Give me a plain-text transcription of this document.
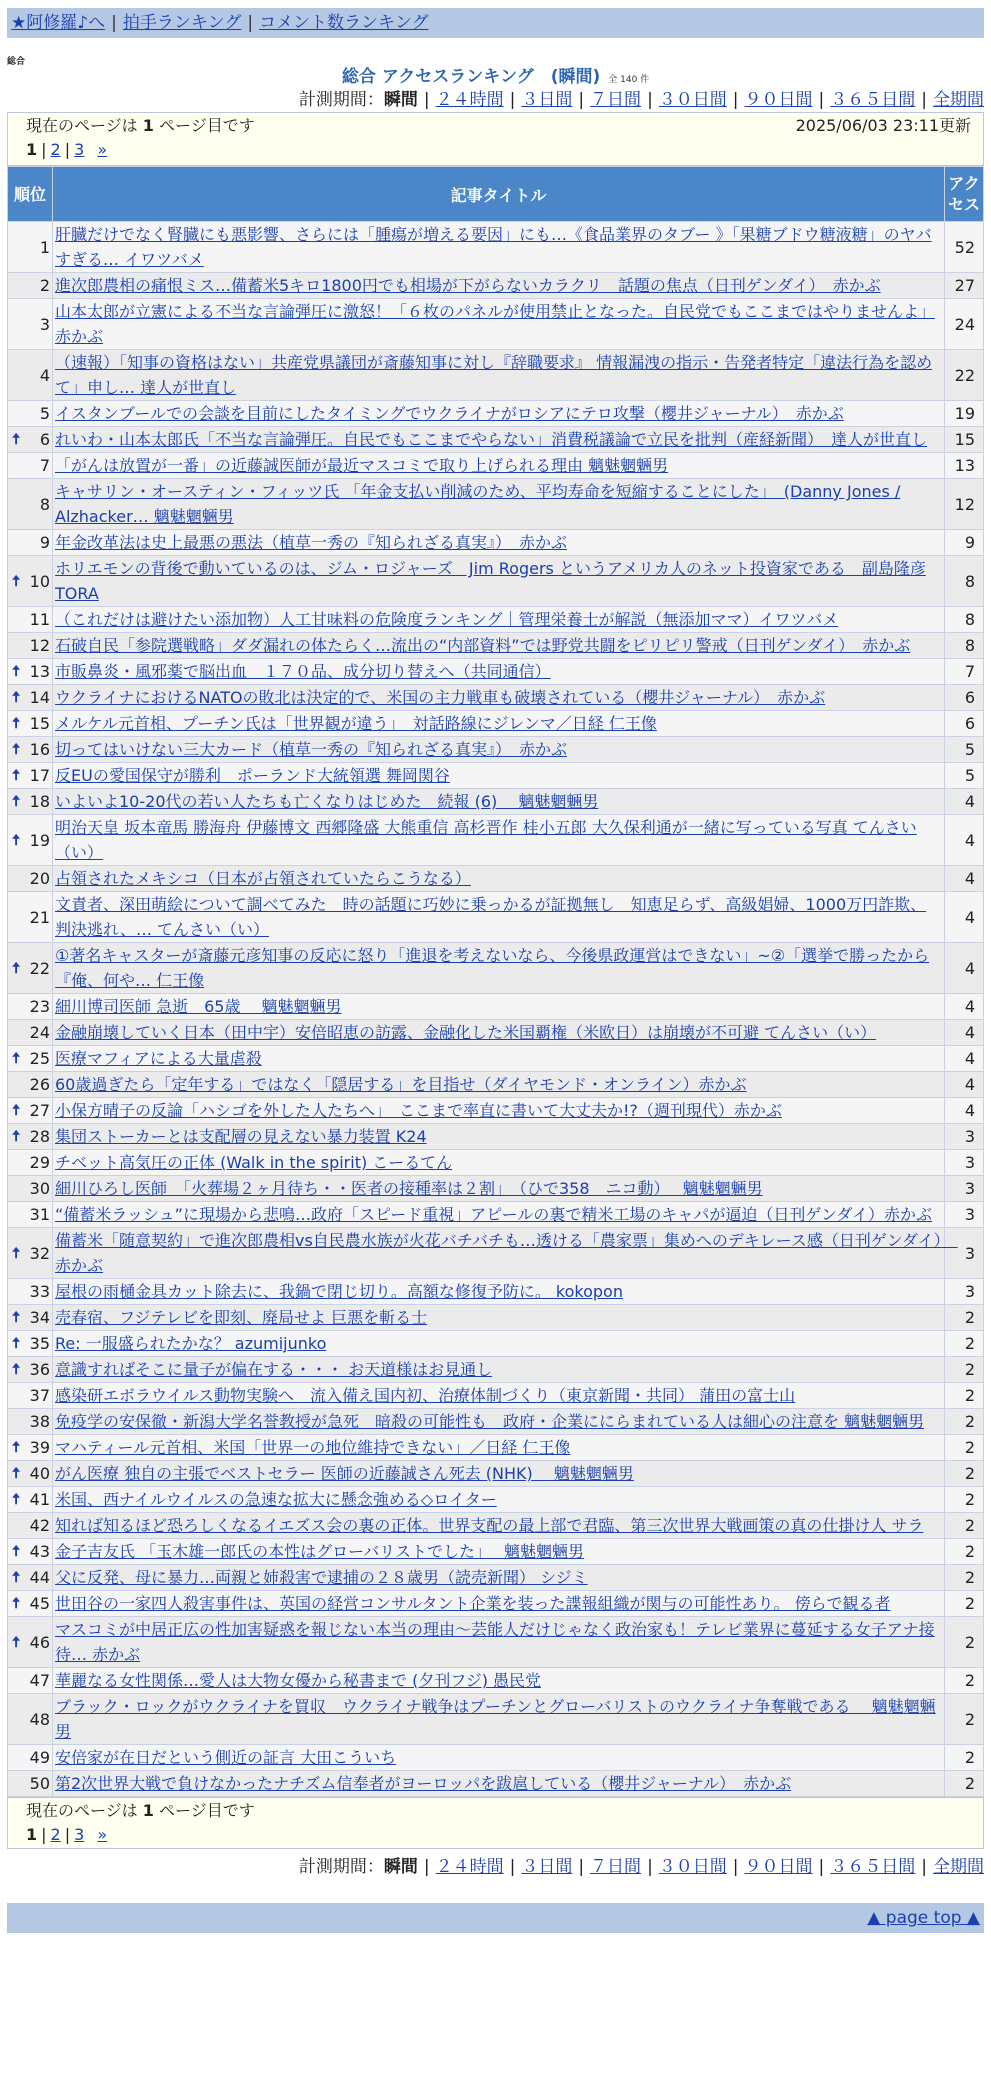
★阿修羅♪へ | 拍手ランキング | コメント数ランキング
総合
総合 アクセスランキング　(瞬間) 全 140 件
計測期間：瞬間 | ２４時間 | ３日間 | ７日間 | ３０日間 | ９０日間 | ３６５日間 | 全期間
現在のページは 1 ページ目です	2025/06/03 23:11更新
1 | 2 | 3 »
順位	記事タイトル	アクセス
1	肝臓だけでなく腎臓にも悪影響、さらには「腫瘍が増える要因」にも…《食品業界のタブー 》「果糖ブドウ糖液糖」のヤバすぎる… イワツバメ	52
2	進次郎農相の痛恨ミス…備蓄米5キロ1800円でも相場が下がらないカラクリ　話題の焦点（日刊ゲンダイ）　赤かぶ	27
3	山本太郎が立憲による不当な言論弾圧に激怒！「６枚のパネルが使用禁止となった。自民党でもここまではやりませんよ」 赤かぶ	24
4	（速報）「知事の資格はない」共産党県議団が斎藤知事に対し『辞職要求』 情報漏洩の指示・告発者特定「違法行為を認めて」申し… 達人が世直し	22
5	イスタンブールでの会談を目前にしたタイミングでウクライナがロシアにテロ攻撃（櫻井ジャーナル）　赤かぶ	19

🠅 6	れいわ・山本太郎氏「不当な言論弾圧。自民でもここまでやらない」消費税議論で立民を批判（産経新聞）　達人が世直し	15
7	「がんは放置が一番」の近藤誠医師が最近マスコミで取り上げられる理由 魑魅魍魎男	13
8	キャサリン・オースティン・フィッツ氏 「年金支払い削減のため、平均寿命を短縮することにした」　(Danny Jones / Alzhacker… 魑魅魍魎男	12
9	年金改革法は史上最悪の悪法（植草一秀の『知られざる真実』）　赤かぶ	9

🠅 10	ホリエモンの背後で動いているのは、ジム・ロジャーズ　Jim Rogers というアメリカ人のネット投資家である　副島隆彦 TORA	8
11	（これだけは避けたい添加物）人工甘味料の危険度ランキング｜管理栄養士が解説（無添加ママ）イワツバメ	8
12	石破自民「参院選戦略」ダダ漏れの体たらく…流出の“内部資料”では野党共闘をピリピリ警戒（日刊ゲンダイ）　赤かぶ	8

🠅 13	市販鼻炎・風邪薬で脳出血　１７０品、成分切り替えへ（共同通信）	7

🠅 14	ウクライナにおけるNATOの敗北は決定的で、米国の主力戦車も破壊されている（櫻井ジャーナル）　赤かぶ	6

🠅 15	メルケル元首相、プーチン氏は「世界観が違う」　対話路線にジレンマ／日経 仁王像	6

🠅 16	切ってはいけない三大カード（植草一秀の『知られざる真実』）　赤かぶ	5

🠅 17	反EUの愛国保守が勝利　ポーランド大統領選 舞岡関谷	5

🠅 18	いよいよ10-20代の若い人たちも亡くなりはじめた　続報 (6)　 魑魅魍魎男	4

🠅 19	明治天皇 坂本竜馬 勝海舟 伊藤博文 西郷隆盛 大熊重信 高杉晋作 桂小五郎 大久保利通が一緒に写っている写真 てんさい（い）	4
20	占領されたメキシコ（日本が占領されていたらこうなる）	4
21	文責者、深田萌絵について調べてみた　時の話題に巧妙に乗っかるが証拠無し　知恵足らず、高級娼婦、1000万円詐欺、判決逃れ、… てんさい（い）	4

🠅 22	①著名キャスターが斎藤元彦知事の反応に怒り「進退を考えないなら、今後県政運営はできない」~②「選挙で勝ったから『俺、何や… 仁王像	4
23	細川博司医師 急逝　65歳　 魑魅魍魎男	4
24	金融崩壊していく日本（田中宇）安倍昭恵の訪露、金融化した米国覇権（米欧日）は崩壊が不可避 てんさい（い）	4

🠅 25	医療マフィアによる大量虐殺	4
26	60歳過ぎたら「定年する」ではなく「隠居する」を目指せ（ダイヤモンド・オンライン）赤かぶ	4

🠅 27	小保方晴子の反論「ハシゴを外した人たちへ」　ここまで率直に書いて大丈夫か!?（週刊現代）赤かぶ	4

🠅 28	集団ストーカーとは支配層の見えない暴力装置 K24	3
29	チベット高気圧の正体 (Walk in the spirit) こーるてん	3
30	細川ひろし医師　「火葬場２ヶ月待ち・・医者の接種率は２割」　（ひで358　ニコ動）　 魑魅魍魎男	3
31	“備蓄米ラッシュ”に現場から悲鳴…政府「スピード重視」アピールの裏で精米工場のキャパが逼迫（日刊ゲンダイ）赤かぶ	3

🠅 32	備蓄米「随意契約」で進次郎農相vs自民農水族が火花バチバチも…透ける「農家票」集めへのデキレース感（日刊ゲンダイ）　赤かぶ	3
33	屋根の雨樋金具カット除去に、我鍋で閉じ切り。高額な修復予防に。 kokopon	3

🠅 34	売春宿、フジテレビを即刻、廃局せよ 巨悪を斬る士	2

🠅 35	Re: 一服盛られたかな？ azumijunko	2

🠅 36	意識すればそこに量子が偏在する・・・ お天道様はお見通し	2
37	感染研エボラウイルス動物実験へ　流入備え国内初、治療体制づくり（東京新聞・共同） 蒲田の富士山	2
38	免疫学の安保徹・新潟大学名誉教授が急死　暗殺の可能性も　政府・企業ににらまれている人は細心の注意を 魑魅魍魎男	2

🠅 39	マハティール元首相、米国「世界一の地位維持できない」／日経 仁王像	2

🠅 40	がん医療 独自の主張でベストセラー 医師の近藤誠さん死去 (NHK)　 魑魅魍魎男	2

🠅 41	米国、西ナイルウイルスの急速な拡大に懸念強める◇ロイター	2
42	知れば知るほど恐ろしくなるイエズス会の裏の正体。世界支配の最上部で君臨、第三次世界大戦画策の真の仕掛け人 サラ	2

🠅 43	金子吉友氏 「玉木雄一郎氏の本性はグローバリストでした」　 魑魅魍魎男	2

🠅 44	父に反発、母に暴力…両親と姉殺害で逮捕の２８歳男（読売新聞） シジミ	2

🠅 45	世田谷の一家四人殺害事件は、英国の経営コンサルタント企業を装った諜報組織が関与の可能性あり。 傍らで観る者	2

🠅 46	マスコミが中居正広の性加害疑惑を報じない本当の理由～芸能人だけじゃなく政治家も！テレビ業界に蔓延する女子アナ接待… 赤かぶ	2
47	華麗なる女性関係…愛人は大物女優から秘書まで (夕刊フジ) 愚民党	2
48	ブラック・ロックがウクライナを買収　ウクライナ戦争はプーチンとグローバリストのウクライナ争奪戦である　 魑魅魍魎男	2
49	安倍家が在日だという側近の証言 大田こういち	2
50	第2次世界大戦で負けなかったナチズム信奉者がヨーロッパを跋扈している（櫻井ジャーナル）　赤かぶ	2
現在のページは 1 ページ目です
1 | 2 | 3 »
計測期間：瞬間 | ２４時間 | ３日間 | ７日間 | ３０日間 | ９０日間 | ３６５日間 | 全期間
▲ page top ▲
